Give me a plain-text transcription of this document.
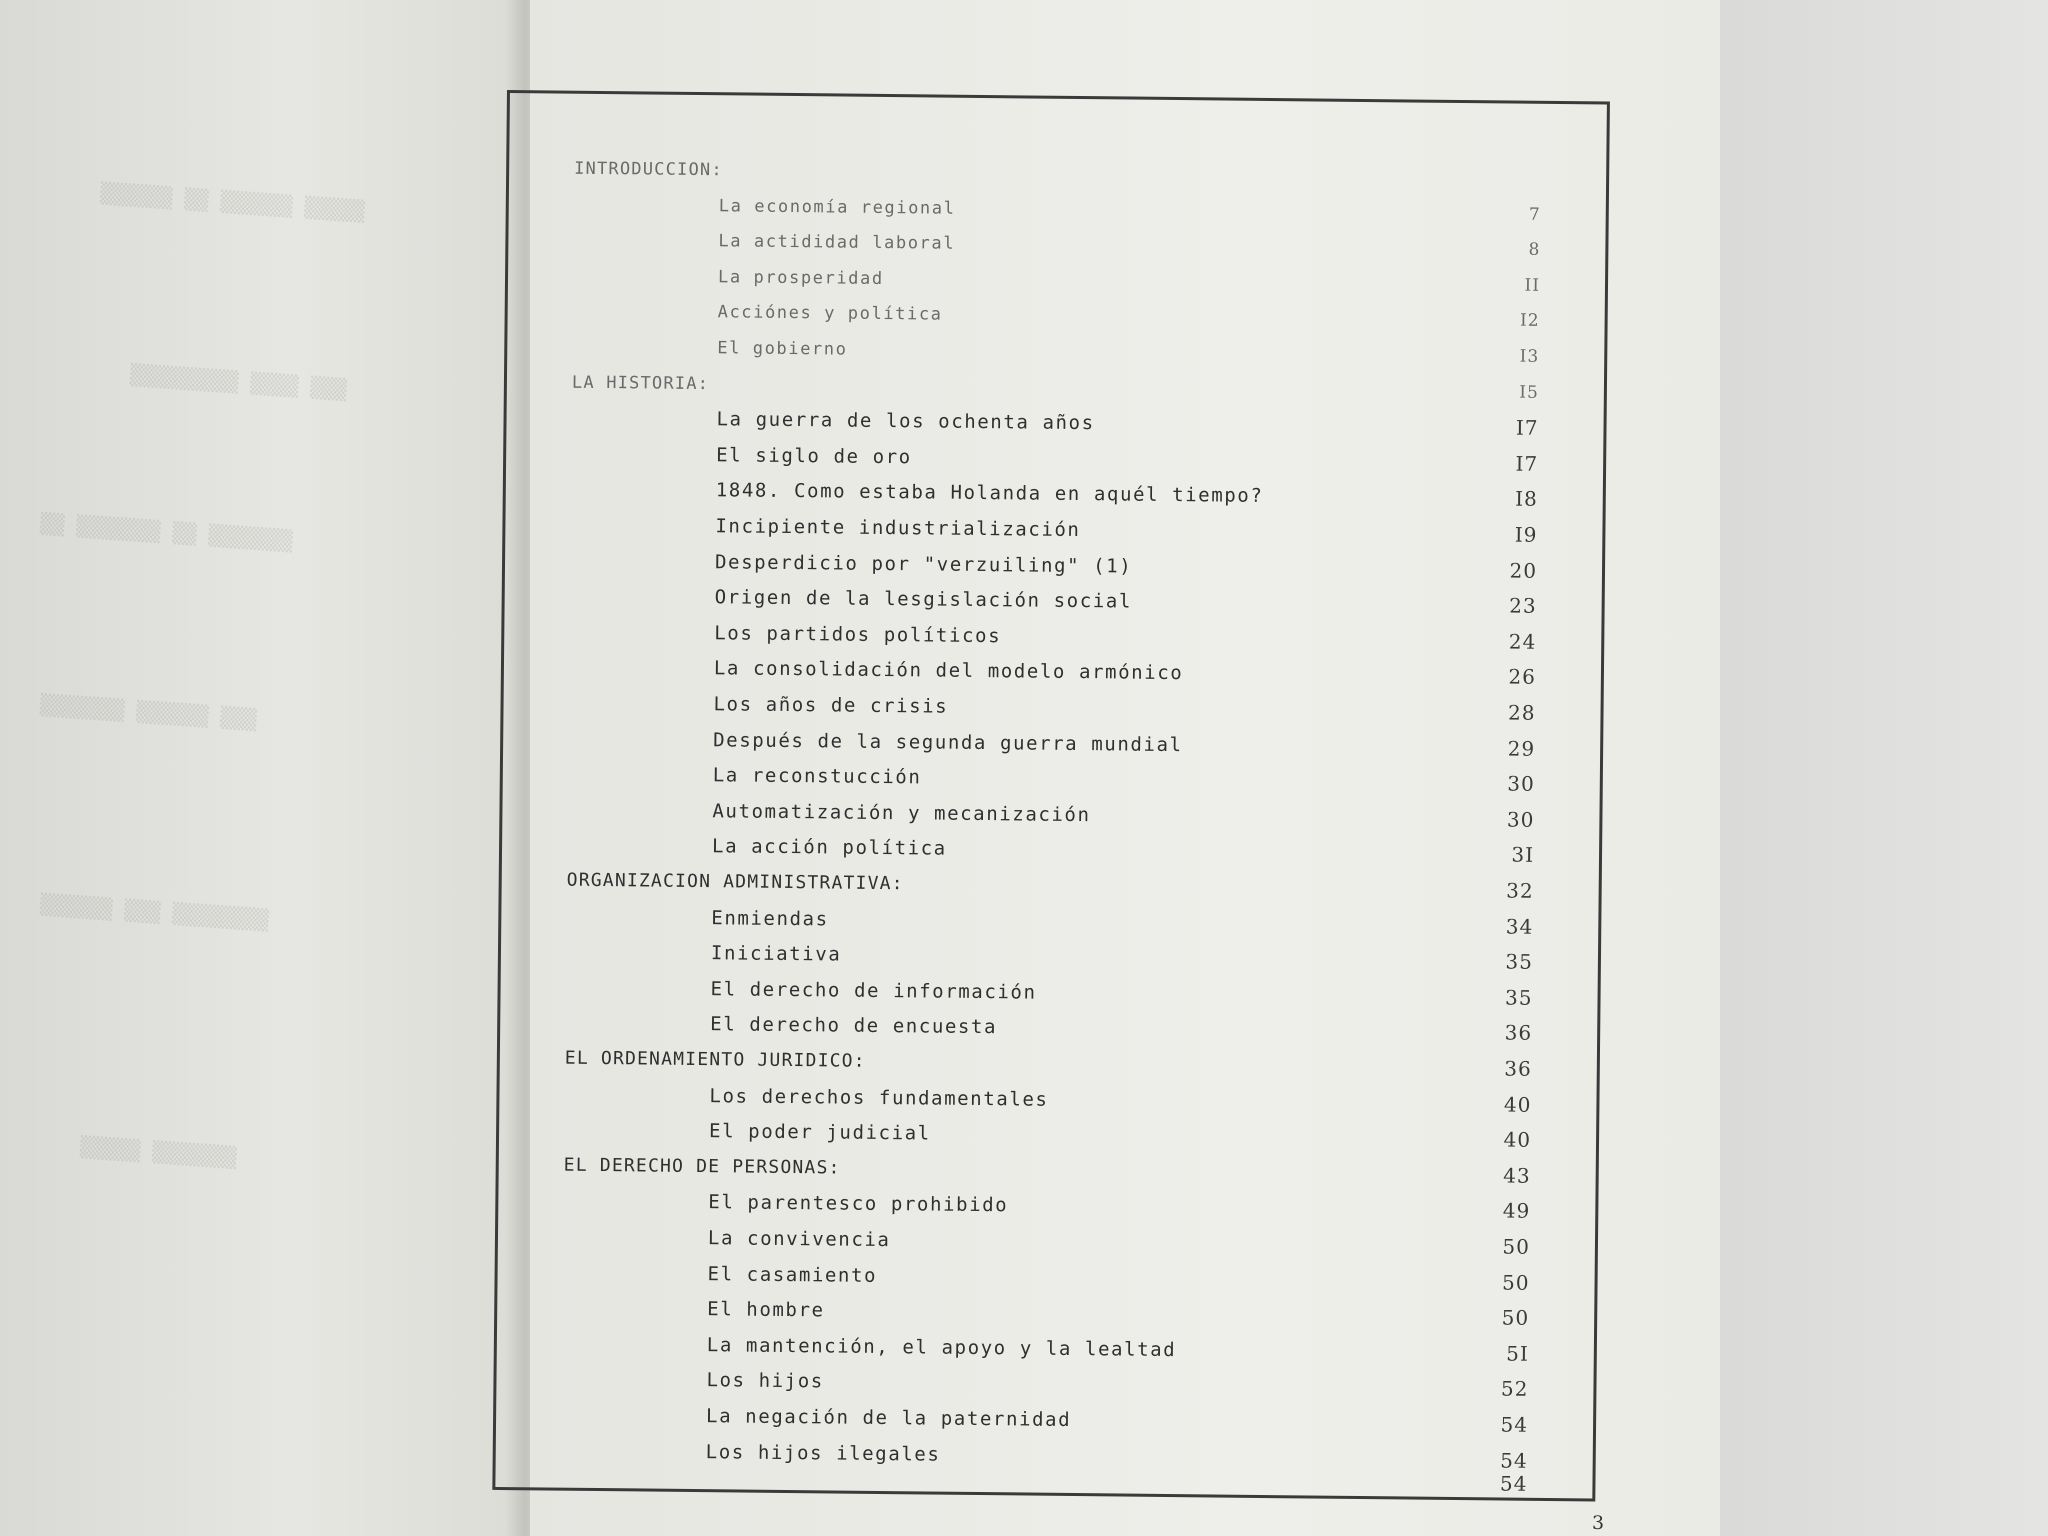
▒▒▒▒▒▒ ▒▒ ▒▒▒▒▒▒ ▒▒▒▒▒
▒▒▒▒▒▒▒▒▒ ▒▒▒▒ ▒▒▒
▒▒ ▒▒▒▒▒▒▒ ▒▒ ▒▒▒▒▒▒▒
▒▒▒▒▒▒▒ ▒▒▒▒▒▒ ▒▒▒
▒▒▒▒▒▒ ▒▒▒ ▒▒▒▒▒▒▒▒
▒▒▒▒▒ ▒▒▒▒▒▒▒
INTRODUCCION:
La economía regional	7
La actididad laboral	8
La prosperidad	II
Acciónes y política	I2
El gobierno	I3
LA HISTORIA:	I5
La guerra de los ochenta años	I7
El siglo de oro	I7
1848. Como estaba Holanda en aquél tiempo?	I8
Incipiente industrialización	I9
Desperdicio por "verzuiling" (1)	20
Origen de la lesgislación social	23
Los partidos políticos	24
La consolidación del modelo armónico	26
Los años de crisis	28
Después de la segunda guerra mundial	29
La reconstucción	30
Automatización y mecanización	30
La acción política	3I
ORGANIZACION ADMINISTRATIVA:	32
Enmiendas	34
Iniciativa	35
El derecho de información	35
El derecho de encuesta	36
EL ORDENAMIENTO JURIDICO:	36
Los derechos fundamentales	40
El poder judicial	40
EL DERECHO DE PERSONAS:	43
El parentesco prohibido	49
La convivencia	50
El casamiento	50
El hombre	50
La mantención, el apoyo y la lealtad	5I
Los hijos	52
La negación de la paternidad	54
Los hijos ilegales	54
54
3
